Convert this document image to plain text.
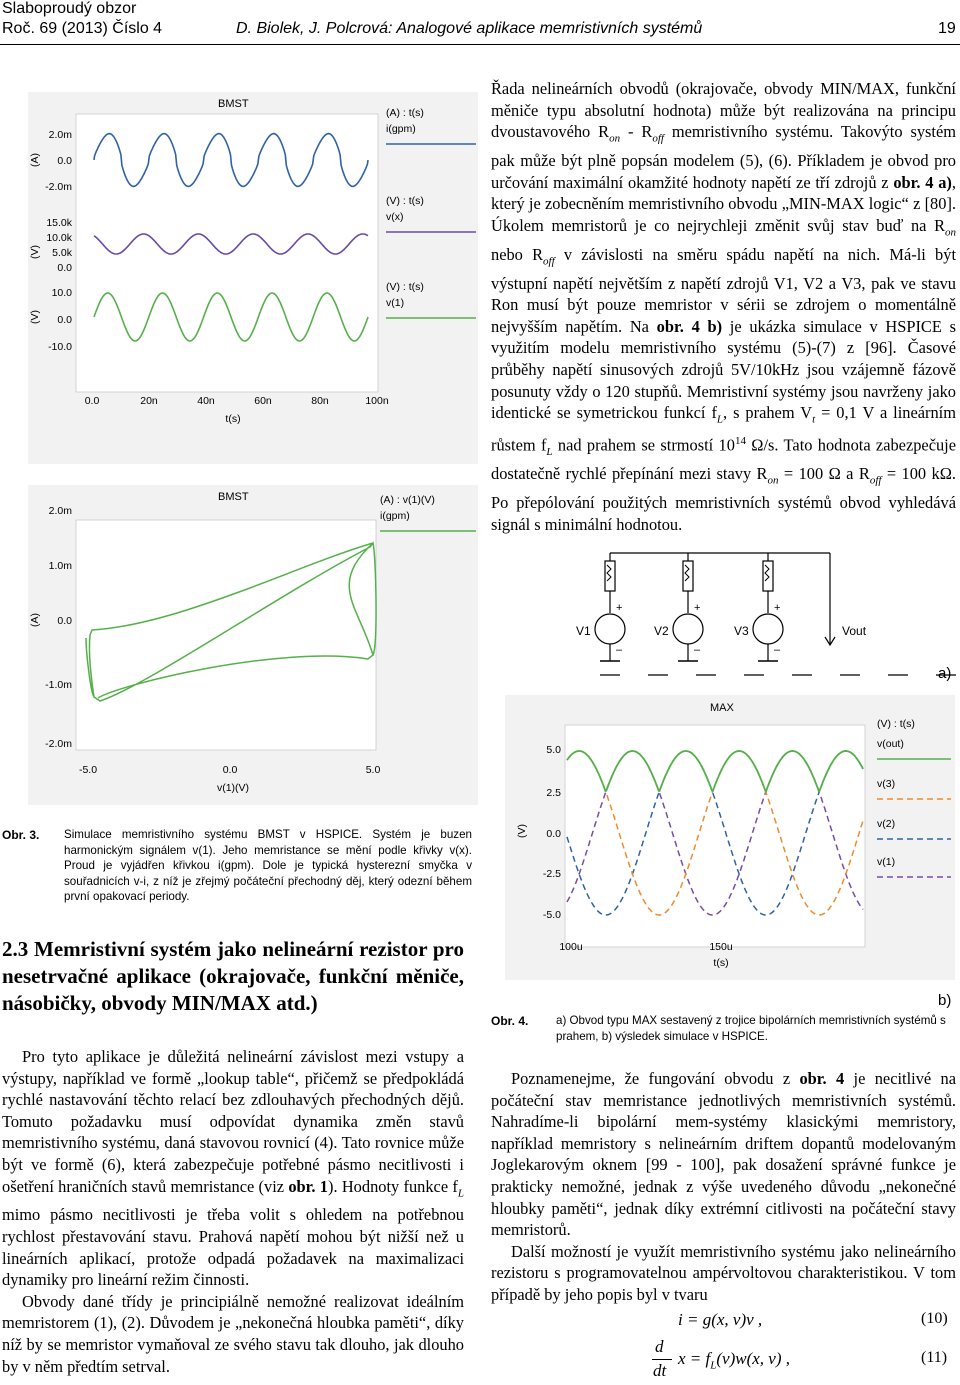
Slaboproudý obzor
Roč. 69 (2013) Číslo 4	D. Biolek, J. Polcrová: Analogové aplikace memristivních systémů	19
BMST
2.0m
0.0
-2.0m
(A)
(A) : t(s)
i(gpm)
15.0k
10.0k
5.0k
0.0
(V)
(V) : t(s)
v(x)
10.0
0.0
-10.0
(V)
(V) : t(s)
v(1)
0.0	20n	40n	60n	80n	100n
t(s)
BMST
2.0m
1.0m
0.0
-1.0m
-2.0m
(A)
-5.0	0.0	5.0
v(1)(V)
(A) : v(1)(V)
i(gpm)

Řada nelineárních obvodů (okrajovače, obvody MIN/MAX, funkční měniče typu absolutní hodnota) může být realizována na principu dvoustavového $R_{on} - R_{off}$ memristivního systému. Takovýto systém pak může být plně popsán modelem (5), (6). Příkladem je obvod pro určování maximální okamžité hodnoty napětí ze tří zdrojů z obr. 4 a), který je zobecněním memristivního obvodu „MIN-MAX logic“ z [80]. Úkolem memristorů je co nejrychleji změnit svůj stav buď na $R_{on}$ nebo $R_{off}$ v závislosti na směru spádu napětí na nich. Má-li být výstupní napětí největším z napětí zdrojů V1, V2 a V3, pak ve stavu Ron musí být pouze memristor v sérii se zdrojem o momentálně nejvyšším napětím. Na obr. 4 b) je ukázka simulace v HSPICE s využitím modelu memristivního systému (5)-(7) z [96]. Časové průběhy napětí sinusových zdrojů 5V/10kHz jsou vzájemně fázově posunuty vždy o 120 stupňů. Memristivní systémy jsou navrženy jako identické se symetrickou funkcí $f_L$, s prahem $V_t = 0,1$ V a lineárním růstem $f_L$ nad prahem se strmostí $10^{14}$ Ω/s. Tato hodnota zabezpečuje dostatečně rychlé přepínání mezi stavy $R_{on} = 100$ Ω a $R_{off} = 100$ kΩ. Po přepólování použitých memristivních systémů obvod vyhledává signál s minimální hodnotou.

V1
+
–
V2
+
–
V3
+
–
Vout
a)
MAX
5.0
2.5
0.0
-2.5
-5.0
(V)
100u	150u
t(s)
(V) : t(s)
v(out)
v(3)
v(2)
v(1)
b)
Obr. 3. Simulace memristivního systému BMST v HSPICE. Systém je buzen harmonickým signálem v(1). Jeho memristance se mění podle křivky v(x). Proud je vyjádřen křivkou i(gpm). Dole je typická hysterezní smyčka v souřadnicích v-i, z níž je zřejmý počáteční přechodný děj, který odezní během první opakovací periody.
2.3 Memristivní systém jako nelineární rezistor pro nesetrvačné aplikace (okrajovače, funkční měniče, násobičky, obvody MIN/MAX atd.)

Pro tyto aplikace je důležitá nelineární závislost mezi vstupy a výstupy, například ve formě „lookup table“, přičemž se předpokládá rychlé nastavování těchto relací bez zdlouhavých přechodných dějů. Tomuto požadavku musí odpovídat dynamika změn stavů memristivního systému, daná stavovou rovnicí (4). Tato rovnice může být ve formě (6), která zabezpečuje potřebné pásmo necitlivosti i ošetření hraničních stavů memristance (viz obr. 1). Hodnoty funkce $f_L$ mimo pásmo necitlivosti je třeba volit s ohledem na potřebnou rychlost přestavování stavu. Prahová napětí mohou být nižší než u lineárních aplikací, protože odpadá požadavek na maximalizaci dynamiky pro lineární režim činnosti.

Obvody dané třídy je principiálně nemožné realizovat ideálním memristorem (1), (2). Důvodem je „nekonečná hloubka paměti“, díky níž by se memristor vymaňoval ze svého stavu tak dlouho, jak dlouho by v něm předtím setrval.

Obr. 4. a) Obvod typu MAX sestavený z trojice bipolárních memristivních systémů s prahem, b) výsledek simulace v HSPICE.

Poznamenejme, že fungování obvodu z obr. 4 je necitlivé na počáteční stav memristance jednotlivých memristivních systémů. Nahradíme-li bipolární mem-systémy klasickými memristory, například memristory s nelineárním driftem dopantů modelovaným Joglekarovým oknem [99 - 100], pak dosažení správné funkce je prakticky nemožné, jednak z výše uvedeného důvodu „nekonečné hloubky paměti“, jednak díky extrémní citlivosti na počáteční stavy memristorů.

Další možností je využít memristivního systému jako nelineárního rezistoru s programovatelnou ampérvoltovou charakteristikou. V tom případě by jeho popis byl v tvaru

i = g(x, v)v ,	(10)
d
dt
$x = f_L(v)w(x$, v) ,	(11)
